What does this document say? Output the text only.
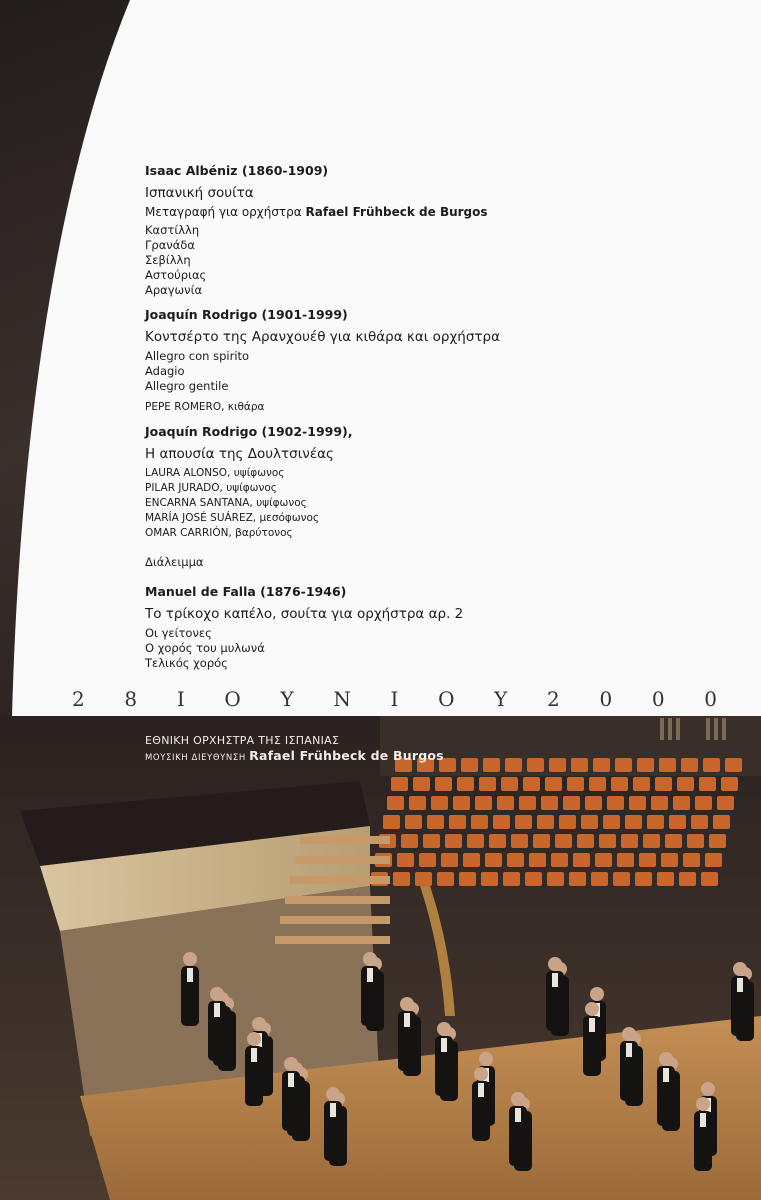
Isaac Albéniz (1860-1909)

Ισπανική σουίτα

Μεταγραφή για ορχήστρα Rafael Frühbeck de Burgos

Καστίλλη

Γρανάδα

Σεβίλλη

Αστούριας

Αραγωνία

Joaquín Rodrigo (1901-1999)

Κοντσέρτο της Αρανχουέθ για κιθάρα και ορχήστρα

Allegro con spirito

Adagio

Allegro gentile

PEPE ROMERO, κιθάρα

Joaquín Rodrigo (1902-1999),

Η απουσία της Δουλτσινέας

LAURA ALONSO, υψίφωνος

PILAR JURADO, υψίφωνος

ENCARNA SANTANA, υψίφωνος

MARÍA JOSÉ SUÁREZ, μεσόφωνος

OMAR CARRIÓN, βαρύτονος

Διάλειμμα

Manuel de Falla (1876-1946)

Το τρίκοχο καπέλο, σουίτα για ορχήστρα αρ. 2

Οι γείτονες

Ο χορός του μυλωνά

Τελικός χορός

2 8 Ι Ο Υ Ν Ι Ο Υ 2 0 0 0
ΕΘΝΙΚΗ ΟΡΧΗΣΤΡΑ ΤΗΣ ΙΣΠΑΝΙΑΣ
ΜΟΥΣΙΚΗ ΔΙΕΥΘΥΝΣΗ Rafael Frühbeck de Burgos
